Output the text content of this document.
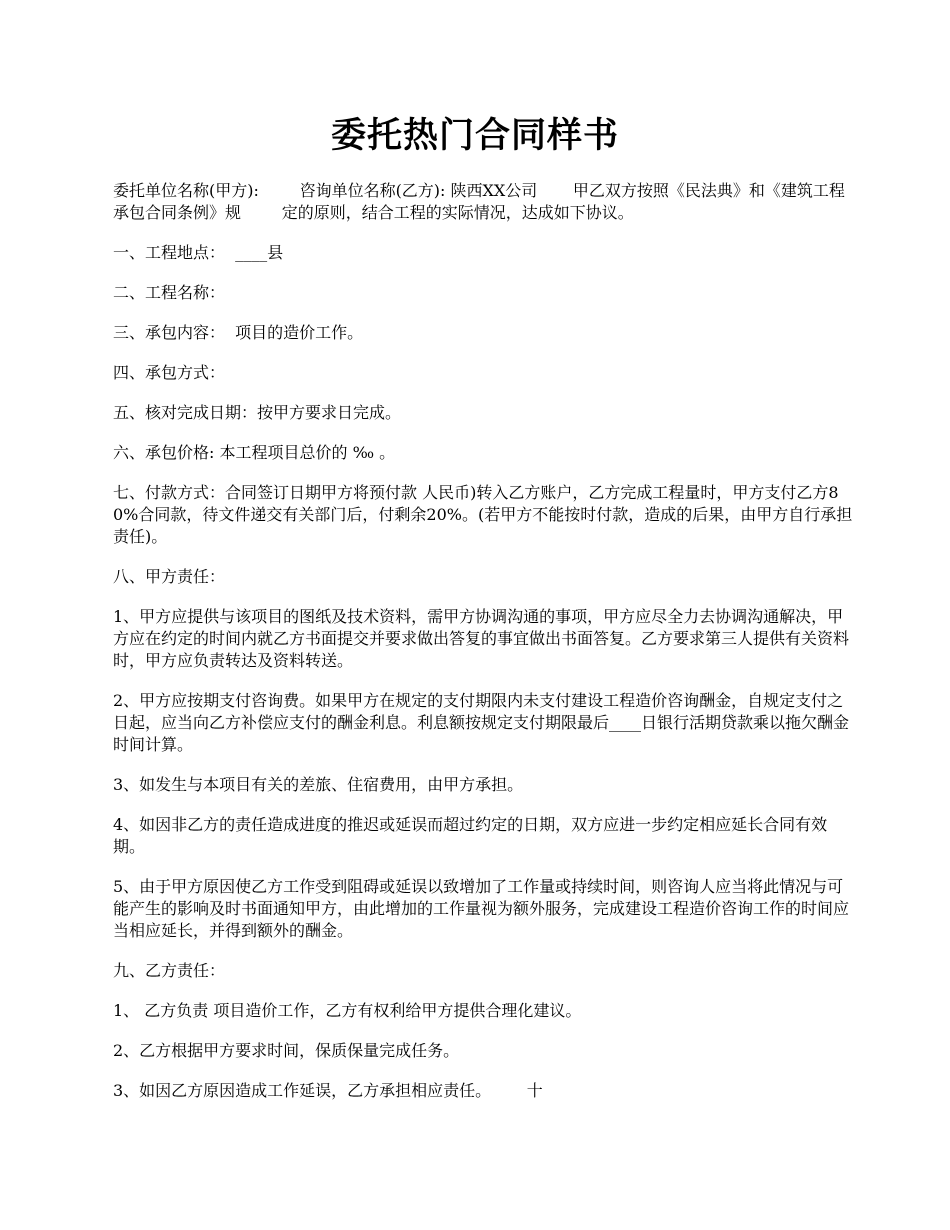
委托热门合同样书

委托单位名称(甲方):        咨询单位名称(乙方): 陕西XX公司       甲乙双方按照《民法典》和《建筑工程承包合同条例》规        定的原则，结合工程的实际情况，达成如下协议。

一、工程地点：  ____县

二、工程名称：

三、承包内容：  项目的造价工作。

四、承包方式：

五、核对完成日期：按甲方要求日完成。

六、承包价格: 本工程项目总价的 ‰ 。

七、付款方式：合同签订日期甲方将预付款 人民币)转入乙方账户，乙方完成工程量时，甲方支付乙方80%合同款，待文件递交有关部门后，付剩余20%。(若甲方不能按时付款，造成的后果，由甲方自行承担责任)。

八、甲方责任：

1、甲方应提供与该项目的图纸及技术资料，需甲方协调沟通的事项，甲方应尽全力去协调沟通解决，甲方应在约定的时间内就乙方书面提交并要求做出答复的事宜做出书面答复。乙方要求第三人提供有关资料时，甲方应负责转达及资料转送。

2、甲方应按期支付咨询费。如果甲方在规定的支付期限内未支付建设工程造价咨询酬金，自规定支付之日起，应当向乙方补偿应支付的酬金利息。利息额按规定支付期限最后____日银行活期贷款乘以拖欠酬金时间计算。

3、如发生与本项目有关的差旅、住宿费用，由甲方承担。

4、如因非乙方的责任造成进度的推迟或延误而超过约定的日期，双方应进一步约定相应延长合同有效期。

5、由于甲方原因使乙方工作受到阻碍或延误以致增加了工作量或持续时间，则咨询人应当将此情况与可能产生的影响及时书面通知甲方，由此增加的工作量视为额外服务，完成建设工程造价咨询工作的时间应当相应延长，并得到额外的酬金。

九、乙方责任：

1、 乙方负责 项目造价工作，乙方有权利给甲方提供合理化建议。

2、乙方根据甲方要求时间，保质保量完成任务。

3、如因乙方原因造成工作延误，乙方承担相应责任。       十
